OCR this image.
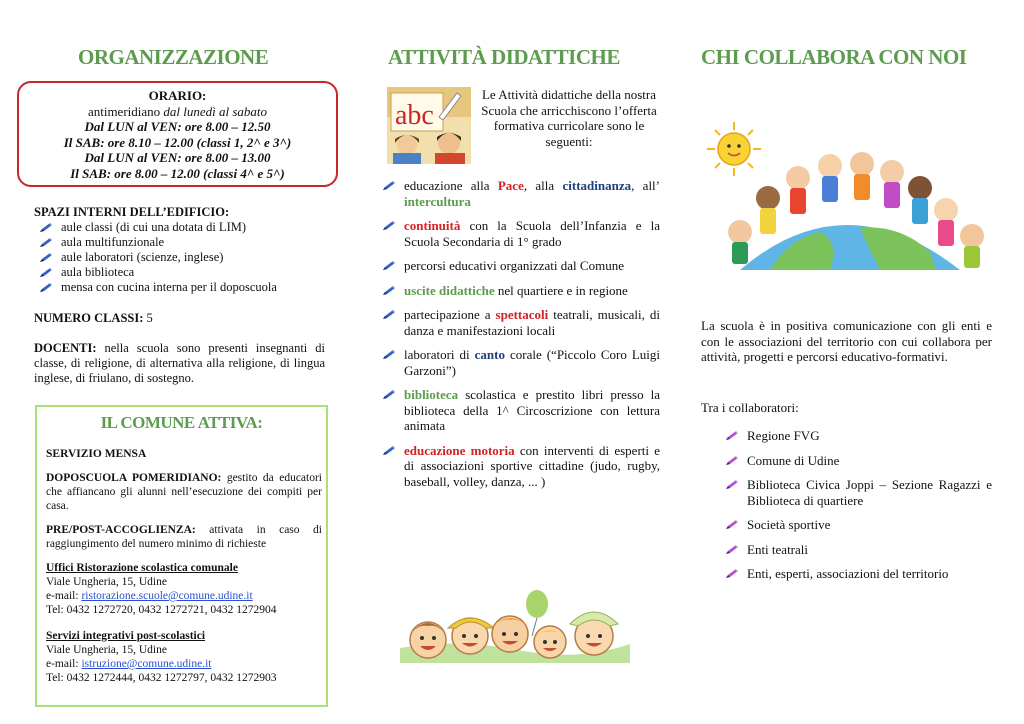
ORGANIZZAZIONE
ORARIO:
antimeridiano dal lunedì al sabato
Dal LUN al VEN: ore 8.00 – 12.50
Il SAB: ore 8.10 – 12.00 (classi 1, 2^ e 3^)
Dal LUN al VEN: ore 8.00 – 13.00
Il SAB: ore 8.00 – 12.00 (classi 4^ e 5^)
SPAZI INTERNI DELL’EDIFICIO:
aule classi (di cui una dotata di LIM)
aula multifunzionale
aule laboratori (scienze, inglese)
aula biblioteca
mensa con cucina interna per il doposcuola
NUMERO CLASSI: 5
DOCENTI: nella scuola sono presenti insegnanti di classe, di religione, di alternativa alla religione, di lingua inglese, di friulano, di sostegno.
IL COMUNE ATTIVA:

SERVIZIO MENSA

DOPOSCUOLA POMERIDIANO: gestito da educatori che affiancano gli alunni nell’esecuzione dei compiti per casa.

PRE/POST-ACCOGLIENZA: attivata in caso di raggiungimento del numero minimo di richieste

Uffici Ristorazione scolastica comunale
Viale Ungheria, 15, Udine
e-mail: ristorazione.scuole@comune.udine.it
Tel: 0432 1272720, 0432 1272721, 0432 1272904
Servizi integrativi post-scolastici
Viale Ungheria, 15, Udine
e-mail: istruzione@comune.udine.it
Tel: 0432 1272444, 0432 1272797, 0432 1272903
ATTIVITÀ DIDATTICHE
abc
Le Attività didattiche della nostra Scuola che arricchiscono l’offerta formativa curricolare sono le seguenti:
educazione alla Pace, alla cittadinanza, all’ intercultura
continuità con la Scuola dell’Infanzia e la Scuola Secondaria di 1° grado
percorsi educativi organizzati dal Comune
uscite didattiche nel quartiere e in regione
partecipazione a spettacoli teatrali, musicali, di danza e manifestazioni locali
laboratori di canto corale (“Piccolo Coro Luigi Garzoni”)
biblioteca scolastica e prestito libri presso la biblioteca della 1^ Circoscrizione con lettura animata
educazione motoria con interventi di esperti e di associazioni sportive cittadine (judo, rugby, baseball, volley, danza, ... )
CHI COLLABORA CON NOI
La scuola è in positiva comunicazione con gli enti e con le associazioni del territorio con cui collabora per attività, progetti e percorsi educativo-formativi.
Tra i collaboratori:
Regione FVG
Comune di Udine
Biblioteca Civica Joppi – Sezione Ragazzi e Biblioteca di quartiere
Società sportive
Enti teatrali
Enti, esperti, associazioni del territorio
